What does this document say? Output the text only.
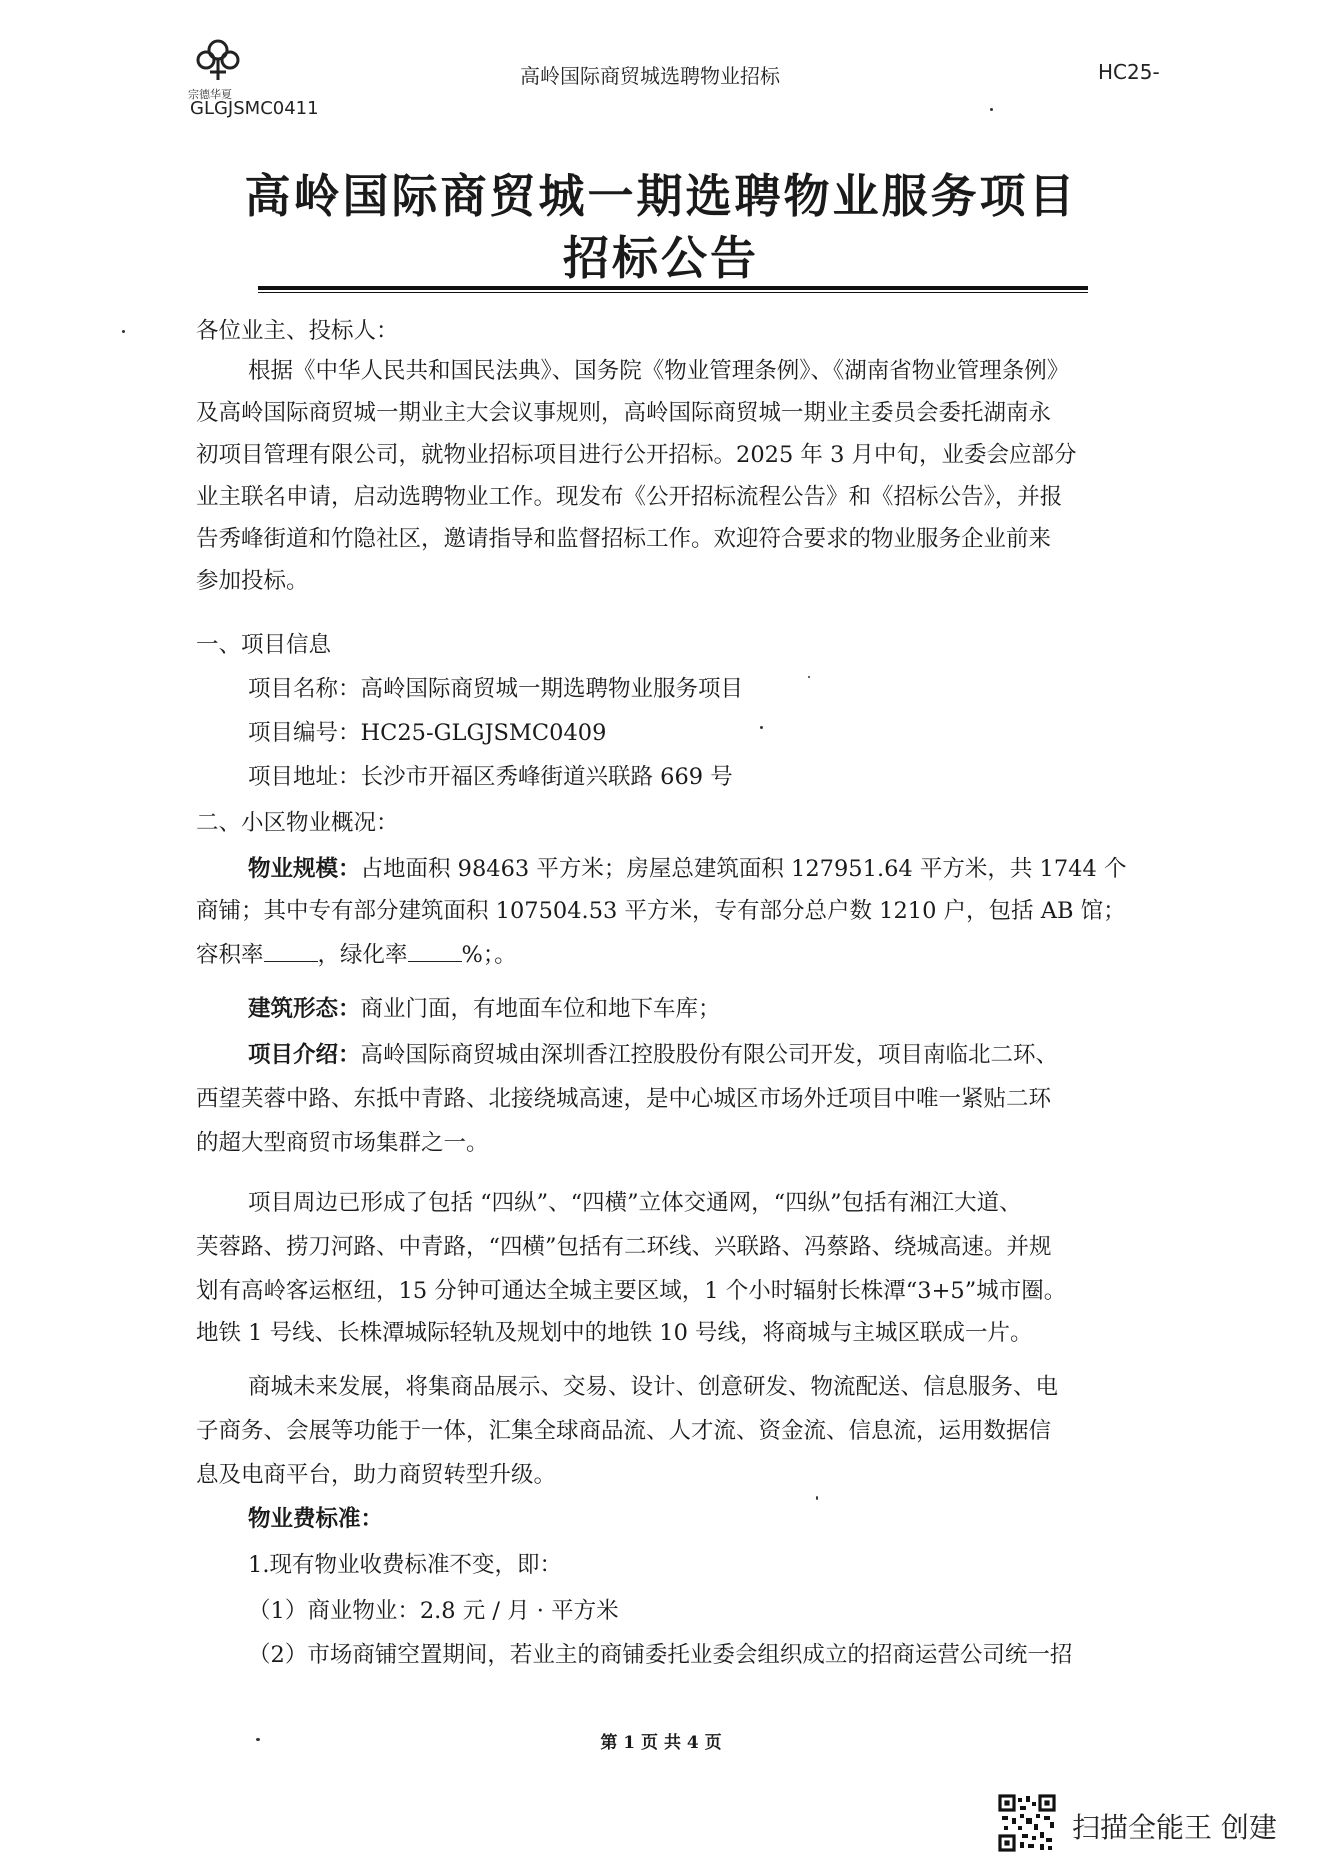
宗德华夏
高岭国际商贸城选聘物业招标	HC25-
GLGJSMC0411
高岭国际商贸城一期选聘物业服务项目
招标公告
各位业主、投标人：
根据《中华人民共和国民法典》、国务院《物业管理条例》、《湖南省物业管理条例》
及高岭国际商贸城一期业主大会议事规则，高岭国际商贸城一期业主委员会委托湖南永
初项目管理有限公司，就物业招标项目进行公开招标。2025 年 3 月中旬，业委会应部分
业主联名申请，启动选聘物业工作。现发布《公开招标流程公告》和《招标公告》，并报
告秀峰街道和竹隐社区，邀请指导和监督招标工作。欢迎符合要求的物业服务企业前来
参加投标。
一、项目信息
项目名称：高岭国际商贸城一期选聘物业服务项目
项目编号：HC25-GLGJSMC0409
项目地址：长沙市开福区秀峰街道兴联路 669 号
二、小区物业概况：
物业规模：占地面积 98463 平方米；房屋总建筑面积 127951.64 平方米，共 1744 个
商铺；其中专有部分建筑面积 107504.53 平方米，专有部分总户数 1210 户，包括 AB 馆；
容积率 ，绿化率 %；。
建筑形态：商业门面，有地面车位和地下车库；
项目介绍：高岭国际商贸城由深圳香江控股股份有限公司开发，项目南临北二环、
西望芙蓉中路、东抵中青路、北接绕城高速，是中心城区市场外迁项目中唯一紧贴二环
的超大型商贸市场集群之一。
项目周边已形成了包括 “四纵”、“四横”立体交通网，“四纵”包括有湘江大道、
芙蓉路、捞刀河路、中青路，“四横”包括有二环线、兴联路、冯蔡路、绕城高速。并规
划有高岭客运枢纽，15 分钟可通达全城主要区域，1 个小时辐射长株潭“3+5”城市圈。
地铁 1 号线、长株潭城际轻轨及规划中的地铁 10 号线，将商城与主城区联成一片。
商城未来发展，将集商品展示、交易、设计、创意研发、物流配送、信息服务、电
子商务、会展等功能于一体，汇集全球商品流、人才流、资金流、信息流，运用数据信
息及电商平台，助力商贸转型升级。
物业费标准：
1.现有物业收费标准不变，即：
（1）商业物业：2.8 元 / 月 · 平方米
（2）市场商铺空置期间，若业主的商铺委托业委会组织成立的招商运营公司统一招
第 1 页 共 4 页
扫描全能王 创建
